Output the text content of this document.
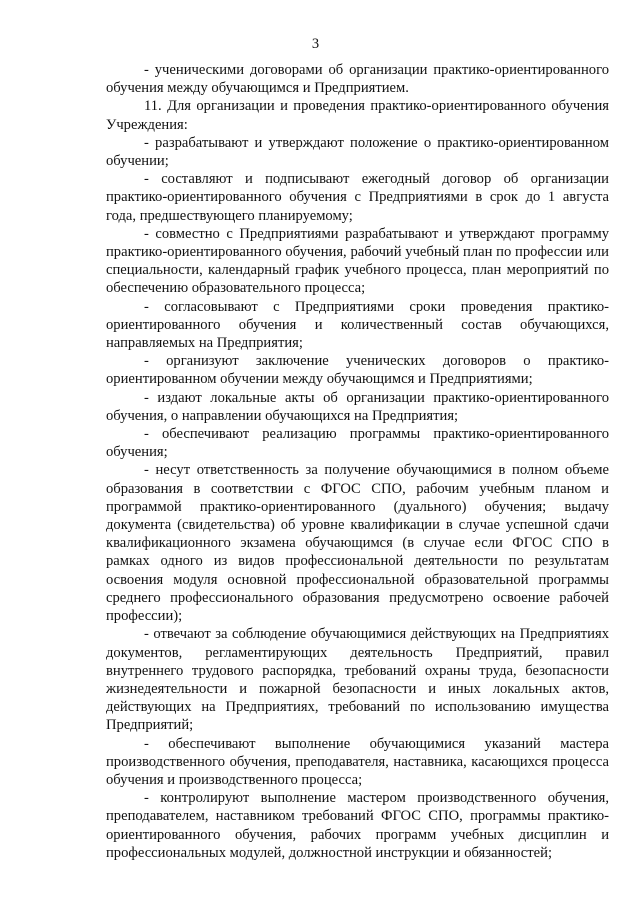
3

- ученическими договорами об организации практико-ориентированного обучения между обучающимся и Предприятием.

11. Для организации и проведения практико-ориентированного обучения Учреждения:

- разрабатывают и утверждают положение о практико-ориентированном обучении;

- составляют и подписывают ежегодный договор об организации практико-ориентированного обучения с Предприятиями в срок до 1 августа года, предшествующего планируемому;

- совместно с Предприятиями разрабатывают и утверждают программу практико-ориентированного обучения, рабочий учебный план по профессии или специальности, календарный график учебного процесса, план мероприятий по обеспечению образовательного процесса;

- согласовывают с Предприятиями сроки проведения практико-ориентированного обучения и количественный состав обучающихся, направляемых на Предприятия;

- организуют заключение ученических договоров о практико-ориентированном обучении между обучающимся и Предприятиями;

- издают локальные акты об организации практико-ориентированного обучения, о направлении обучающихся на Предприятия;

- обеспечивают реализацию программы практико-ориентированного обучения;

- несут ответственность за получение обучающимися в полном объеме образования в соответствии с ФГОС СПО, рабочим учебным планом и программой практико-ориентированного (дуального) обучения; выдачу документа (свидетельства) об уровне квалификации в случае успешной сдачи квалификационного экзамена обучающимся (в случае если ФГОС СПО в рамках одного из видов профессиональной деятельности по результатам освоения модуля основной профессиональной образовательной программы среднего профессионального образования предусмотрено освоение рабочей профессии);

- отвечают за соблюдение обучающимися действующих на Предприятиях документов, регламентирующих деятельность Предприятий, правил внутреннего трудового распорядка, требований охраны труда, безопасности жизнедеятельности и пожарной безопасности и иных локальных актов, действующих на Предприятиях, требований по использованию имущества Предприятий;

- обеспечивают выполнение обучающимися указаний мастера производственного обучения, преподавателя, наставника, касающихся процесса обучения и производственного процесса;

- контролируют выполнение мастером производственного обучения, преподавателем, наставником требований ФГОС СПО, программы практико-ориентированного обучения, рабочих программ учебных дисциплин и профессиональных модулей, должностной инструкции и обязанностей;
